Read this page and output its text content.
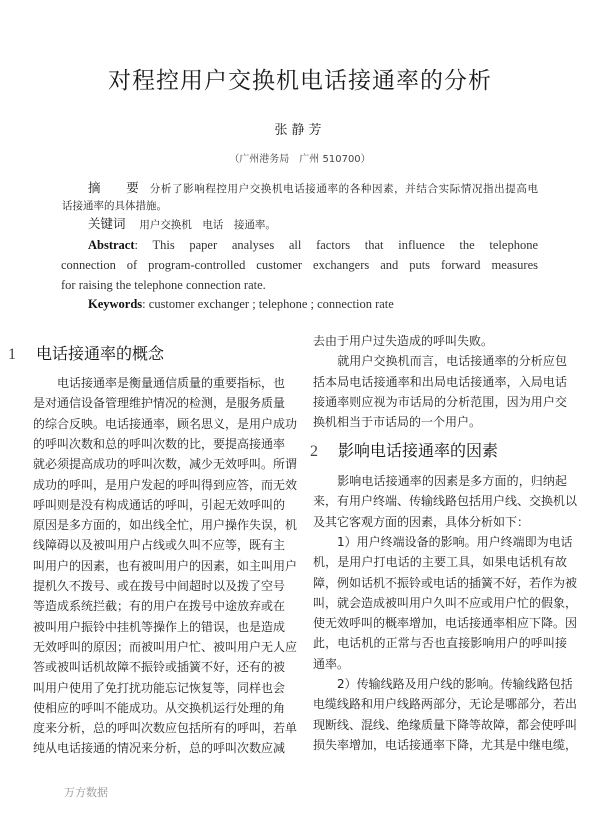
对程控用户交换机电话接通率的分析
张静芳
（广州港务局　广州 510700）
摘　要 分析了影响程控用户交换机电话接通率的各种因素，并结合实际情况指出提高电
话接通率的具体措施。
关键词 用户交换机　电话　接通率。
Abstract: This paper analyses all factors that influence the telephone
connection of program-controlled customer exchangers and puts forward measures
for raising the telephone connection rate.
Keywords: customer exchanger ; telephone ; connection rate
1 电话接通率的概念
　　电话接通率是衡量通信质量的重要指标，也
是对通信设备管理维护情况的检测，是服务质量
的综合反映。电话接通率，顾名思义，是用户成功
的呼叫次数和总的呼叫次数的比，要提高接通率
就必须提高成功的呼叫次数，减少无效呼叫。所谓
成功的呼叫，是用户发起的呼叫得到应答，而无效
呼叫则是没有构成通话的呼叫，引起无效呼叫的
原因是多方面的，如出线全忙，用户操作失误，机
线障碍以及被叫用户占线或久叫不应等，既有主
叫用户的因素，也有被叫用户的因素，如主叫用户
提机久不拨号、或在拨号中间超时以及拨了空号
等造成系统拦截；有的用户在拨号中途放弃或在
被叫用户振铃中挂机等操作上的错误，也是造成
无效呼叫的原因；而被叫用户忙、被叫用户无人应
答或被叫话机故障不振铃或插簧不好，还有的被
叫用户使用了免打扰功能忘记恢复等，同样也会
使相应的呼叫不能成功。从交换机运行处理的角
度来分析，总的呼叫次数应包括所有的呼叫，若单
纯从电话接通的情况来分析，总的呼叫次数应减
去由于用户过失造成的呼叫失败。
　　就用户交换机而言，电话接通率的分析应包
括本局电话接通率和出局电话接通率，入局电话
接通率则应视为市话局的分析范围，因为用户交
换机相当于市话局的一个用户。
2 影响电话接通率的因素
　　影响电话接通率的因素是多方面的，归纳起
来，有用户终端、传输线路包括用户线、交换机以
及其它客观方面的因素，具体分析如下：
　　1）用户终端设备的影响。用户终端即为电话
机，是用户打电话的主要工具，如果电话机有故
障，例如话机不振铃或电话的插簧不好，若作为被
叫，就会造成被叫用户久叫不应或用户忙的假象，
使无效呼叫的概率增加，电话接通率相应下降。因
此，电话机的正常与否也直接影响用户的呼叫接
通率。
　　2）传输线路及用户线的影响。传输线路包括
电缆线路和用户线路两部分，无论是哪部分，若出
现断线、混线、绝缘质量下降等故障，都会使呼叫
损失率增加，电话接通率下降，尤其是中继电缆，
万方数据
